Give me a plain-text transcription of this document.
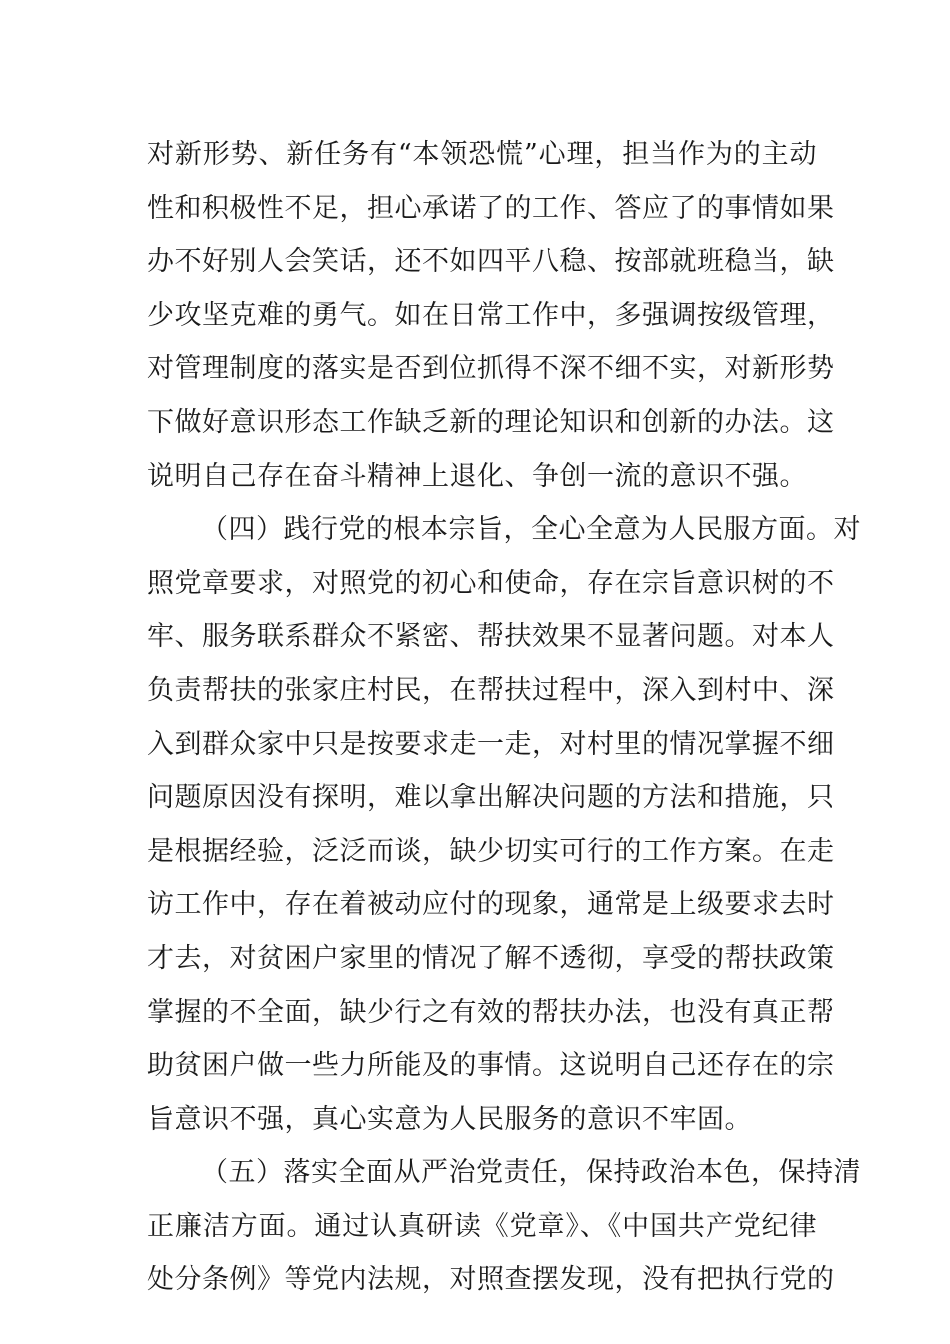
对新形势、新任务有“本领恐慌”心理，担当作为的主动
性和积极性不足，担心承诺了的工作、答应了的事情如果
办不好别人会笑话，还不如四平八稳、按部就班稳当，缺
少攻坚克难的勇气。如在日常工作中，多强调按级管理，
对管理制度的落实是否到位抓得不深不细不实，对新形势
下做好意识形态工作缺乏新的理论知识和创新的办法。这
说明自己存在奋斗精神上退化、争创一流的意识不强。
（四）践行党的根本宗旨，全心全意为人民服方面。对
照党章要求，对照党的初心和使命，存在宗旨意识树的不
牢、服务联系群众不紧密、帮扶效果不显著问题。对本人
负责帮扶的张家庄村民，在帮扶过程中，深入到村中、深
入到群众家中只是按要求走一走，对村里的情况掌握不细
问题原因没有探明，难以拿出解决问题的方法和措施，只
是根据经验，泛泛而谈，缺少切实可行的工作方案。在走
访工作中，存在着被动应付的现象，通常是上级要求去时
才去，对贫困户家里的情况了解不透彻，享受的帮扶政策
掌握的不全面，缺少行之有效的帮扶办法，也没有真正帮
助贫困户做一些力所能及的事情。这说明自己还存在的宗
旨意识不强，真心实意为人民服务的意识不牢固。
（五）落实全面从严治党责任，保持政治本色，保持清
正廉洁方面。通过认真研读《党章》、《中国共产党纪律
处分条例》等党内法规，对照查摆发现，没有把执行党的
